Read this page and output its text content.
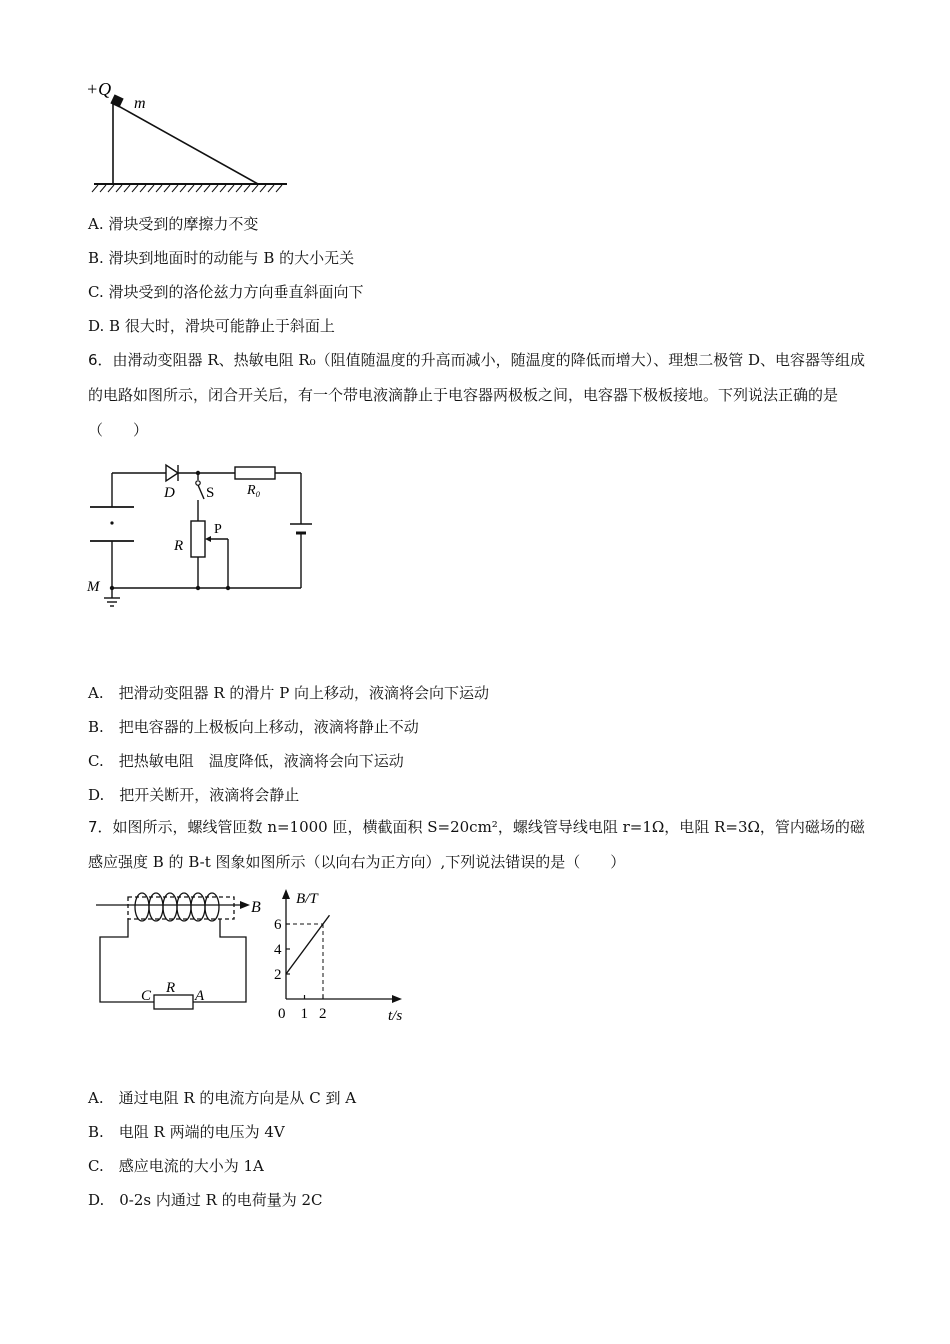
+Q
m
A. 滑块受到的摩擦力不变
B. 滑块到地面时的动能与 B 的大小无关
C. 滑块受到的洛伦兹力方向垂直斜面向下
D. B 很大时，滑块可能静止于斜面上
6．由滑动变阻器 R、热敏电阻 R₀（阻值随温度的升高而减小，随温度的降低而增大）、理想二极管 D、电容器等组成的电路如图所示，闭合开关后，有一个带电液滴静止于电容器两极板之间，电容器下极板接地。下列说法正确的是（　　）
D S R₀
R
P
M
A.　把滑动变阻器 R 的滑片 P 向上移动，液滴将会向下运动
B.　把电容器的上极板向上移动，液滴将静止不动
C.　把热敏电阻　温度降低，液滴将会向下运动
D.　把开关断开，液滴将会静止
7．如图所示，螺线管匝数 n=1000 匝，横截面积 S=20cm²，螺线管导线电阻 r=1Ω，电阻 R=3Ω，管内磁场的磁感应强度 B 的 B-t 图象如图所示（以向右为正方向）,下列说法错误的是（　　）
B
R
C	A
B/T
t/s
0 1 2
2
4
6
A.　通过电阻 R 的电流方向是从 C 到 A
B.　电阻 R 两端的电压为 4V
C.　感应电流的大小为 1A
D.　0-2s 内通过 R 的电荷量为 2C
